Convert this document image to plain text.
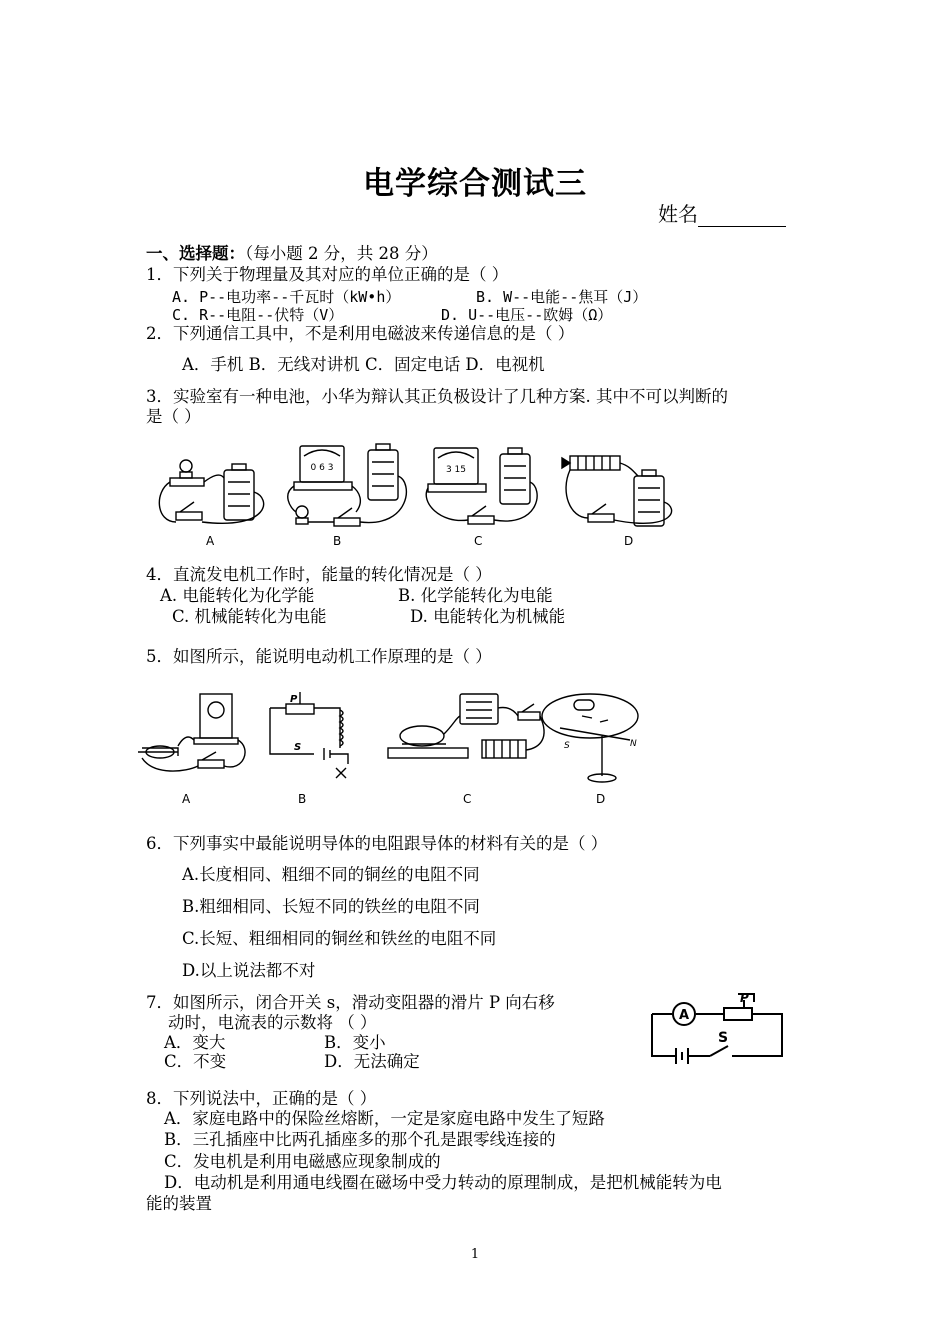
电学综合测试三
姓名
一、选择题：（每小题 2 分，共 28 分）
1．下列关于物理量及其对应的单位正确的是（ ）
A. P--电功率--千瓦时（kW•h）	B. W--电能--焦耳（J）
C. R--电阻--伏特（V）	D. U--电压--欧姆（Ω）
2．下列通信工具中，不是利用电磁波来传递信息的是（ ）
A．手机 B．无线对讲机 C．固定电话 D．电视机
3．实验室有一种电池，小华为辩认其正负极设计了几种方案. 其中不可以判断的
是（ ）
0 6 3	3 15
A	B	C	D
4．直流发电机工作时，能量的转化情况是（ ）
A. 电能转化为化学能	B. 化学能转化为电能
C. 机械能转化为电能	D. 电能转化为机械能
5．如图所示，能说明电动机工作原理的是（ ）
P
S	S	N
A	B	C	D
6．下列事实中最能说明导体的电阻跟导体的材料有关的是（ ）
A.长度相同、粗细不同的铜丝的电阻不同
B.粗细相同、长短不同的铁丝的电阻不同
C.长短、粗细相同的铜丝和铁丝的电阻不同
D.以上说法都不对
7．如图所示，闭合开关 s，滑动变阻器的滑片 P 向右移
动时，电流表的示数将 （ ）
A．变大	B．变小
C．不变	D．无法确定
A
P
S
8．下列说法中，正确的是（ ）
A．家庭电路中的保险丝熔断，一定是家庭电路中发生了短路
B．三孔插座中比两孔插座多的那个孔是跟零线连接的
C．发电机是利用电磁感应现象制成的
D．电动机是利用通电线圈在磁场中受力转动的原理制成，是把机械能转为电
能的装置
1
